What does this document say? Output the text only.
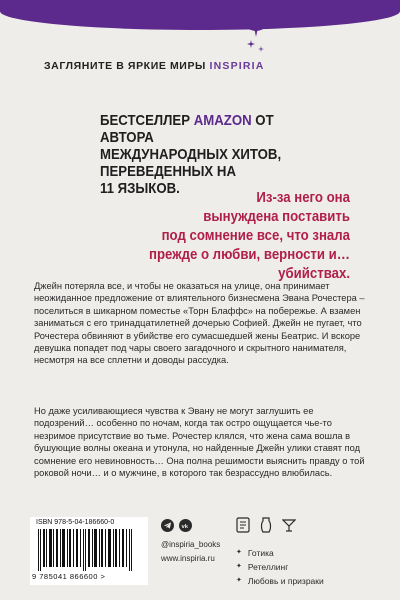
ЗАГЛЯНИТЕ В ЯРКИЕ МИРЫ INSPIRIA
БЕСТСЕЛЛЕР AMAZON ОТ АВТОРА
МЕЖДУНАРОДНЫХ ХИТОВ,
ПЕРЕВЕДЕННЫХ НА
11 ЯЗЫКОВ.
Из-за него она
вынуждена поставить
под сомнение все, что знала
прежде о любви, верности и… убийствах.
Джейн потеряла все, и чтобы не оказаться на улице, она принимает неожиданное предложение от влиятельного бизнесмена Эвана Рочестера – поселиться в шикарном поместье «Торн Блаффс» на побережье. А взамен заниматься с его тринадцатилетней дочерью Софией. Джейн не пугает, что Рочестера обвиняют в убийстве его сумасшедшей жены Беатрис. И вскоре девушка попадет под чары своего загадочного и скрытного нанимателя, несмотря на все сплетни и доводы рассудка.
Но даже усиливающиеся чувства к Эвану не могут заглушить ее подозрений… особенно по ночам, когда так остро ощущается чье-то незримое присутствие во тьме. Рочестер клялся, что жена сама вошла в бушующие волны океана и утонула, но найденные Джейн улики ставят под сомнение его невиновность… Она полна решимости выяснить правду о той роковой ночи… и о мужчине, в которого так безрассудно влюбилась.
ISBN 978-5-04-186660-0
9 785041 866600 >
vk
@inspiria_books
www.inspiria.ru
✦ Готика
✦ Ретеллинг
✦ Любовь и призраки
